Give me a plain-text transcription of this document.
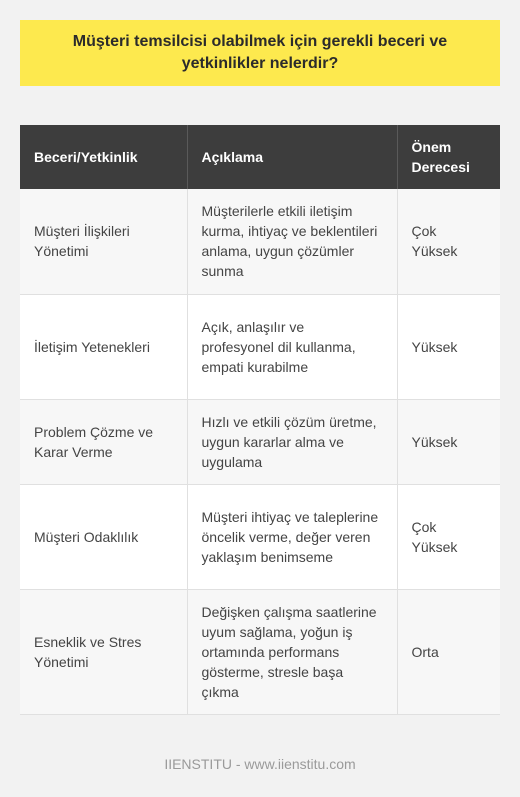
Müşteri temsilcisi olabilmek için gerekli beceri ve yetkinlikler nelerdir?
Beceri/Yetkinlik	Açıklama	Önem Derecesi
Müşteri İlişkileri Yönetimi	Müşterilerle etkili iletişim kurma, ihtiyaç ve beklentileri anlama, uygun çözümler sunma	Çok Yüksek
İletişim Yetenekleri	Açık, anlaşılır ve profesyonel dil kullanma, empati kurabilme	Yüksek
Problem Çözme ve Karar Verme	Hızlı ve etkili çözüm üretme, uygun kararlar alma ve uygulama	Yüksek
Müşteri Odaklılık	Müşteri ihtiyaç ve taleplerine öncelik verme, değer veren yaklaşım benimseme	Çok Yüksek
Esneklik ve Stres Yönetimi	Değişken çalışma saatlerine uyum sağlama, yoğun iş ortamında performans gösterme, stresle başa çıkma	Orta
IIENSTITU - www.iienstitu.com
